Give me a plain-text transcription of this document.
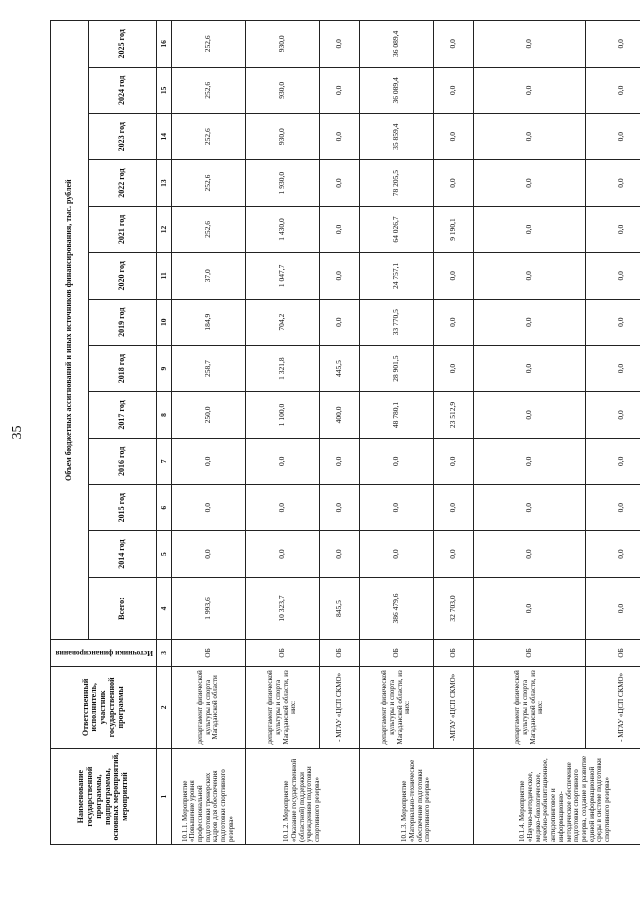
35
Наименование государственной программы, подпрограммы, основных мероприятий, мероприятий	Ответственный исполнитель, участник государственной программы	Источники финансирования	Объем бюджетных ассигнований и иных источников финансирования, тыс. рублей												
			Всего:	2014 год	2015 год	2016 год	2017 год	2018 год	2019 год	2020 год	2021 год	2022 год	2023 год	2024 год	2025 год
1	2	3	4	5	6	7	8	9	10	11	12	13	14	15	16
10.1.1. Мероприятие «Повышение уровня профессиональной подготовки тренерских кадров для обеспечения подготовки спортивного резерва»	департамент физической культуры и спорта Магаданской области	ОБ	1 993,6	0,0	0,0	0,0	250,0	258,7	184,9	37,0	252,6	252,6	252,6	252,6	252,6
10.1.2. Мероприятие «Оказание государственной (областной) поддержки учреждениям подготовки спортивного резерва»	департамент физической культуры и спорта Магаданской области, из них:	ОБ	10 323,7	0,0	0,0	0,0	1 100,0	1 321,8	704,2	1 047,7	1 430,0	1 930,0	930,0	930,0	930,0
	- МГАУ «ЦСП СКМО»	ОБ	845,5	0,0	0,0	0,0	400,0	445,5	0,0	0,0	0,0	0,0	0,0	0,0	0,0
10.1.3. Мероприятие «Материально-техническое обеспечение подготовки спортивного резерва»	департамент физической культуры и спорта Магаданской области, из них:	ОБ	386 479,6	0,0	0,0	0,0	48 780,1	28 901,5	33 770,5	24 757,1	64 026,7	78 205,5	35 859,4	36 089,4	36 089,4
	-МГАУ «ЦСП СКМО»	ОБ	32 703,0	0,0	0,0	0,0	23 512,9	0,0	0,0	0,0	9 190,1	0,0	0,0	0,0	0,0
10.1.4. Мероприятие «Научно-методическое, медико-биологическое, лечебно-реабилитационное, антидопинговое и информационно-методическое обеспечение подготовки спортивного резерва, создание и развитие единой информационной среды в системе подготовки спортивного резерва»	департамент физической культуры и спорта Магаданской области, из них:	ОБ	0,0	0,0	0,0	0,0	0,0	0,0	0,0	0,0	0,0	0,0	0,0	0,0	0,0
	- МГАУ «ЦСП СКМО»	ОБ	0,0	0,0	0,0	0,0	0,0	0,0	0,0	0,0	0,0	0,0	0,0	0,0	0,0
